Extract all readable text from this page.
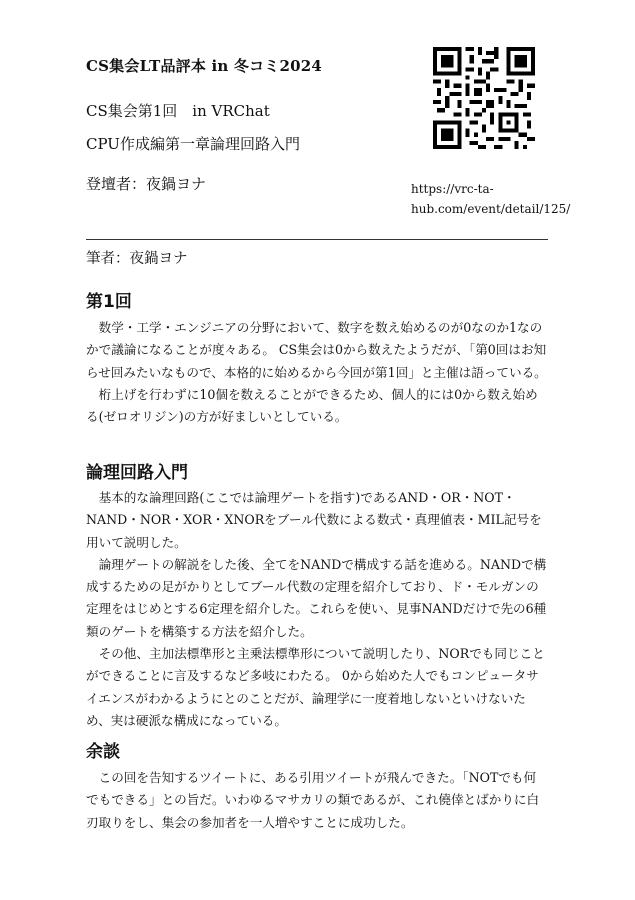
CS集会LT品評本 in 冬コミ2024
CS集会第1回　in VRChat
CPU作成編第一章論理回路入門
登壇者：夜鍋ヨナ	https://vrc-ta-
hub.com/event/detail/125/
筆者：夜鍋ヨナ
第1回

数学・工学・エンジニアの分野において、数字を数え始めるのが0なのか1なのかで議論になることが度々ある。 CS集会は0から数えたようだが、「第0回はお知らせ回みたいなもので、本格的に始めるから今回が第1回」と主催は語っている。

桁上げを行わずに10個を数えることができるため、個人的には0から数え始める(ゼロオリジン)の方が好ましいとしている。

論理回路入門

基本的な論理回路(ここでは論理ゲートを指す)であるAND・OR・NOT・NAND・NOR・XOR・XNORをブール代数による数式・真理値表・MIL記号を用いて説明した。

論理ゲートの解説をした後、全てをNANDで構成する話を進める。NANDで構成するための足がかりとしてブール代数の定理を紹介しており、ド・モルガンの定理をはじめとする6定理を紹介した。これらを使い、見事NANDだけで先の6種類のゲートを構築する方法を紹介した。

その他、主加法標準形と主乗法標準形について説明したり、NORでも同じことができることに言及するなど多岐にわたる。 0から始めた人でもコンピュータサイエンスがわかるようにとのことだが、論理学に一度着地しないといけないため、実は硬派な構成になっている。

余談

この回を告知するツイートに、ある引用ツイートが飛んできた。「NOTでも何でもできる」との旨だ。いわゆるマサカリの類であるが、これ僥倖とばかりに白刃取りをし、集会の参加者を一人増やすことに成功した。
